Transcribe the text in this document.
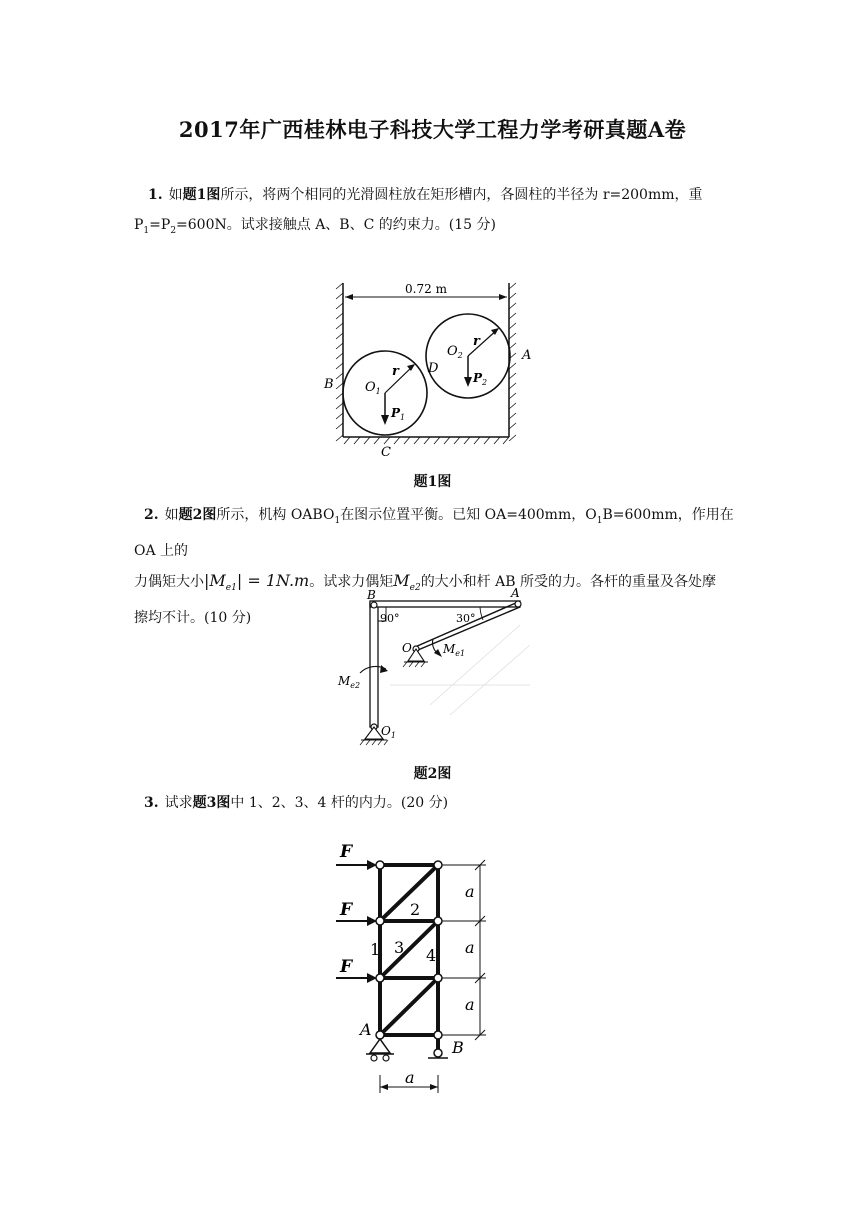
2017年广西桂林电子科技大学工程力学考研真题A卷
1. 如题1图所示，将两个相同的光滑圆柱放在矩形槽内，各圆柱的半径为 r=200mm，重
$P_1=P_2=600N$。试求接触点 A、B、C 的约束力。(15 分)
0.72 m
B
C
D
A
$O_1$
$O_2$
r
r
$P_1$
$P_2$
题1图
2. 如题2图所示，机构 $OABO_1$在图示位置平衡。已知 OA=400mm，$O_1B=600mm$，作用在 OA 上的
力偶矩大小$|M_{e1}| = 1N.m$。试求力偶矩$M_{e2}$的大小和杆 AB 所受的力。各杆的重量及各处摩
擦均不计。(10 分)
B	A
O
$O_1$
90°	30°
$M_{e1}$
$M_{e2}$
题2图
3. 试求题3图中 1、2、3、4 杆的内力。(20 分)
F
F
F
1
2
3 4
A
B
a
a
a
a
